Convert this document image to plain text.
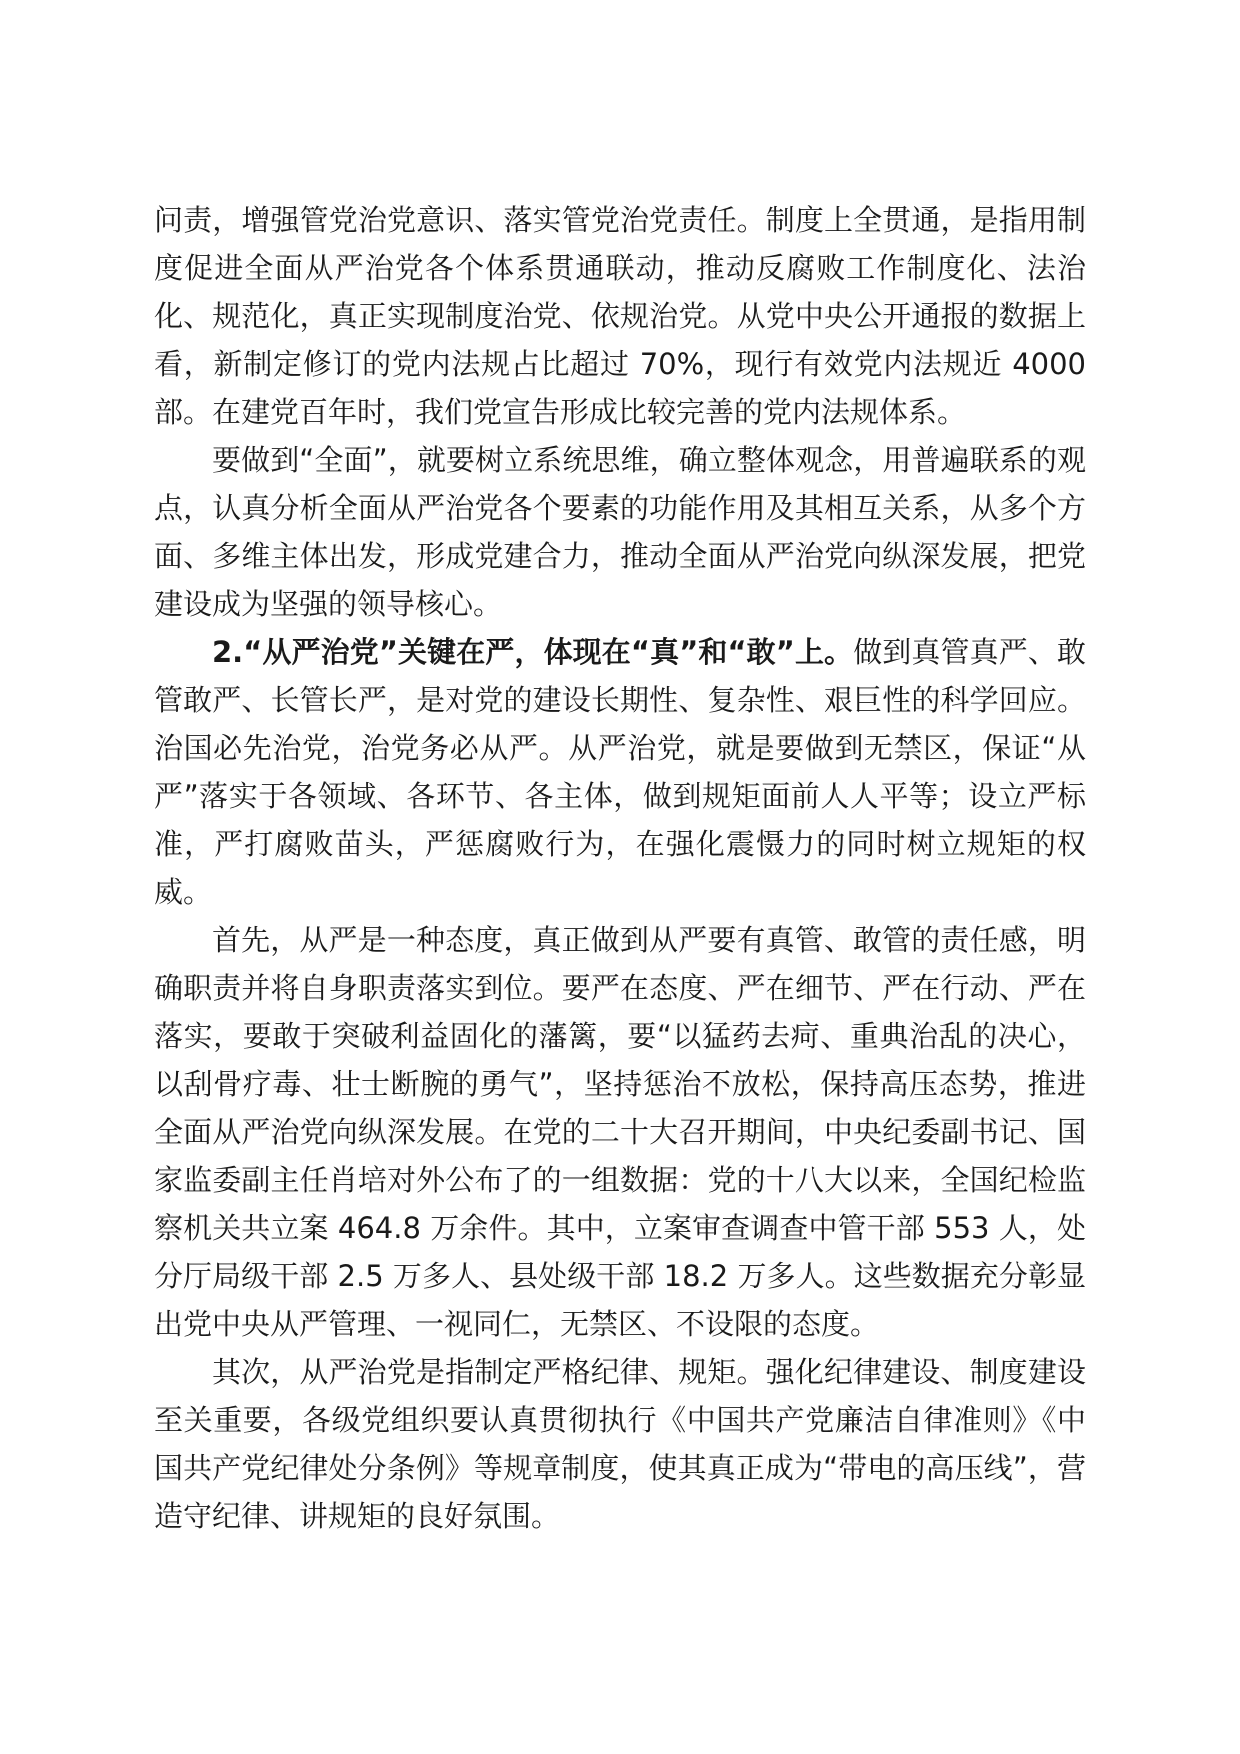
问责，增强管党治党意识、落实管党治党责任。制度上全贯通，是指用制度促进全面从严治党各个体系贯通联动，推动反腐败工作制度化、法治化、规范化，真正实现制度治党、依规治党。从党中央公开通报的数据上看，新制定修订的党内法规占比超过 70%，现行有效党内法规近 4000 部。在建党百年时，我们党宣告形成比较完善的党内法规体系。

要做到“全面”，就要树立系统思维，确立整体观念，用普遍联系的观点，认真分析全面从严治党各个要素的功能作用及其相互关系，从多个方面、多维主体出发，形成党建合力，推动全面从严治党向纵深发展，把党建设成为坚强的领导核心。

2.“从严治党”关键在严，体现在“真”和“敢”上。做到真管真严、敢管敢严、长管长严，是对党的建设长期性、复杂性、艰巨性的科学回应。治国必先治党，治党务必从严。从严治党，就是要做到无禁区，保证“从严”落实于各领域、各环节、各主体，做到规矩面前人人平等；设立严标准，严打腐败苗头，严惩腐败行为，在强化震慑力的同时树立规矩的权威。

首先，从严是一种态度，真正做到从严要有真管、敢管的责任感，明确职责并将自身职责落实到位。要严在态度、严在细节、严在行动、严在落实，要敢于突破利益固化的藩篱，要“以猛药去疴、重典治乱的决心，以刮骨疗毒、壮士断腕的勇气”，坚持惩治不放松，保持高压态势，推进全面从严治党向纵深发展。在党的二十大召开期间，中央纪委副书记、国家监委副主任肖培对外公布了的一组数据：党的十八大以来，全国纪检监察机关共立案 464.8 万余件。其中，立案审查调查中管干部 553 人，处分厅局级干部 2.5 万多人、县处级干部 18.2 万多人。这些数据充分彰显出党中央从严管理、一视同仁，无禁区、不设限的态度。

其次，从严治党是指制定严格纪律、规矩。强化纪律建设、制度建设至关重要，各级党组织要认真贯彻执行《中国共产党廉洁自律准则》《中国共产党纪律处分条例》等规章制度，使其真正成为“带电的高压线”，营造守纪律、讲规矩的良好氛围。
